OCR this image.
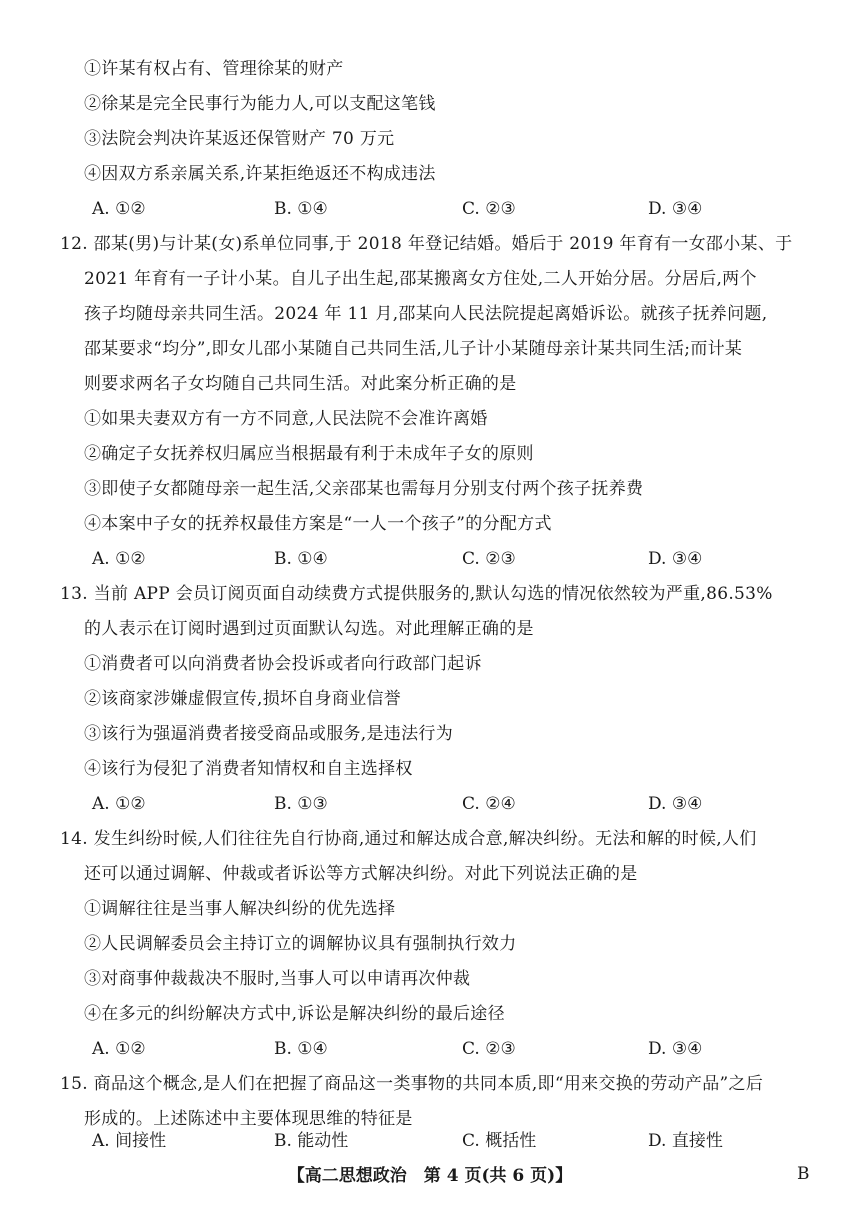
①许某有权占有、管理徐某的财产
②徐某是完全民事行为能力人,可以支配这笔钱
③法院会判决许某返还保管财产 70 万元
④因双方系亲属关系,许某拒绝返还不构成违法
A. ①②	B. ①④	C. ②③	D. ③④
12. 邵某(男)与计某(女)系单位同事,于 2018 年登记结婚。婚后于 2019 年育有一女邵小某、于
2021 年育有一子计小某。自儿子出生起,邵某搬离女方住处,二人开始分居。分居后,两个
孩子均随母亲共同生活。2024 年 11 月,邵某向人民法院提起离婚诉讼。就孩子抚养问题,
邵某要求“均分”,即女儿邵小某随自己共同生活,儿子计小某随母亲计某共同生活;而计某
则要求两名子女均随自己共同生活。对此案分析正确的是
①如果夫妻双方有一方不同意,人民法院不会准许离婚
②确定子女抚养权归属应当根据最有利于未成年子女的原则
③即使子女都随母亲一起生活,父亲邵某也需每月分别支付两个孩子抚养费
④本案中子女的抚养权最佳方案是“一人一个孩子”的分配方式
A. ①②	B. ①④	C. ②③	D. ③④
13. 当前 APP 会员订阅页面自动续费方式提供服务的,默认勾选的情况依然较为严重,86.53%
的人表示在订阅时遇到过页面默认勾选。对此理解正确的是
①消费者可以向消费者协会投诉或者向行政部门起诉
②该商家涉嫌虚假宣传,损坏自身商业信誉
③该行为强逼消费者接受商品或服务,是违法行为
④该行为侵犯了消费者知情权和自主选择权
A. ①②	B. ①③	C. ②④	D. ③④
14. 发生纠纷时候,人们往往先自行协商,通过和解达成合意,解决纠纷。无法和解的时候,人们
还可以通过调解、仲裁或者诉讼等方式解决纠纷。对此下列说法正确的是
①调解往往是当事人解决纠纷的优先选择
②人民调解委员会主持订立的调解协议具有强制执行效力
③对商事仲裁裁决不服时,当事人可以申请再次仲裁
④在多元的纠纷解决方式中,诉讼是解决纠纷的最后途径
A. ①②	B. ①④	C. ②③	D. ③④
15. 商品这个概念,是人们在把握了商品这一类事物的共同本质,即“用来交换的劳动产品”之后
形成的。上述陈述中主要体现思维的特征是
A. 间接性	B. 能动性	C. 概括性	D. 直接性
【高二思想政治　第 4 页(共 6 页)】	B
